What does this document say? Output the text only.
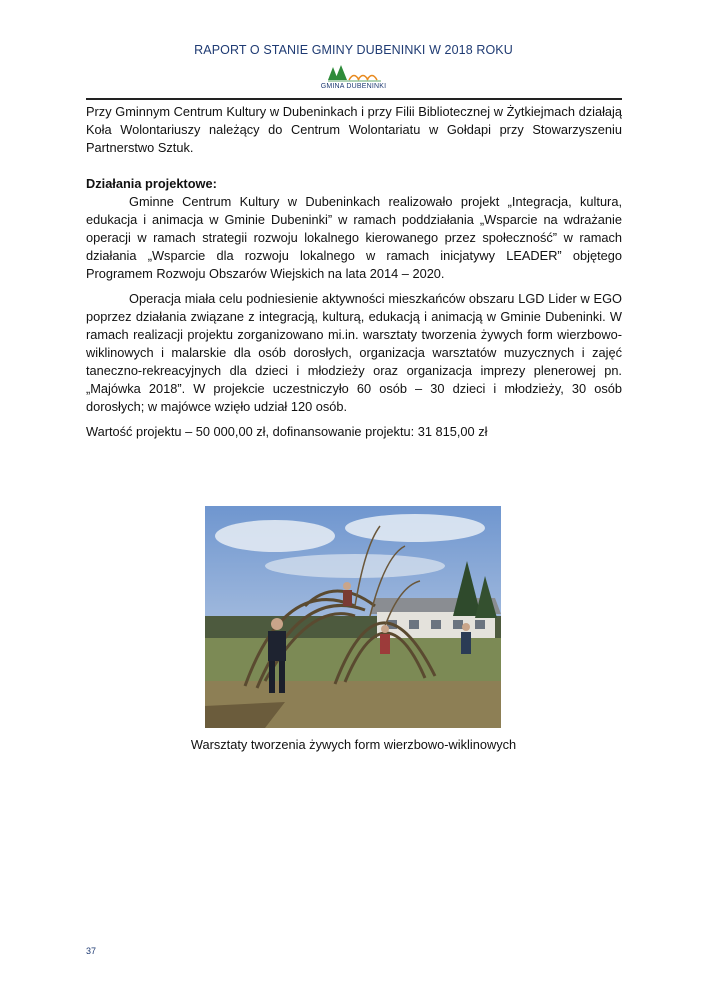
RAPORT O STANIE GMINY DUBENINKI W 2018 ROKU
GMINA DUBENINKI

Przy Gminnym Centrum Kultury w Dubeninkach i przy Filii Bibliotecznej w Żytkiejmach działają Koła Wolontariuszy należący do Centrum Wolontariatu w Gołdapi przy Stowarzyszeniu Partnerstwo Sztuk.

Działania projektowe:

Gminne Centrum Kultury w Dubeninkach realizowało projekt „Integracja, kultura, edukacja i animacja w Gminie Dubeninki” w ramach poddziałania „Wsparcie na wdrażanie operacji w ramach strategii rozwoju lokalnego kierowanego przez społeczność” w ramach działania „Wsparcie dla rozwoju lokalnego w ramach inicjatywy LEADER” objętego Programem Rozwoju Obszarów Wiejskich na lata 2014 – 2020.

Operacja miała celu podniesienie aktywności mieszkańców obszaru LGD Lider w EGO poprzez działania związane z integracją, kulturą, edukacją i animacją w Gminie Dubeninki. W ramach realizacji projektu zorganizowano mi.in. warsztaty tworzenia żywych form wierzbowo-wiklinowych i malarskie dla osób dorosłych, organizacja warsztatów muzycznych i zajęć taneczno-rekreacyjnych dla dzieci i młodzieży oraz organizacja imprezy plenerowej pn. „Majówka 2018”. W projekcie uczestniczyło 60 osób – 30 dzieci i młodzieży, 30 osób dorosłych; w majówce wzięło udział 120 osób.

Wartość projektu – 50 000,00 zł, dofinansowanie projektu: 31 815,00 zł

Warsztaty tworzenia żywych form wierzbowo-wiklinowych
37
